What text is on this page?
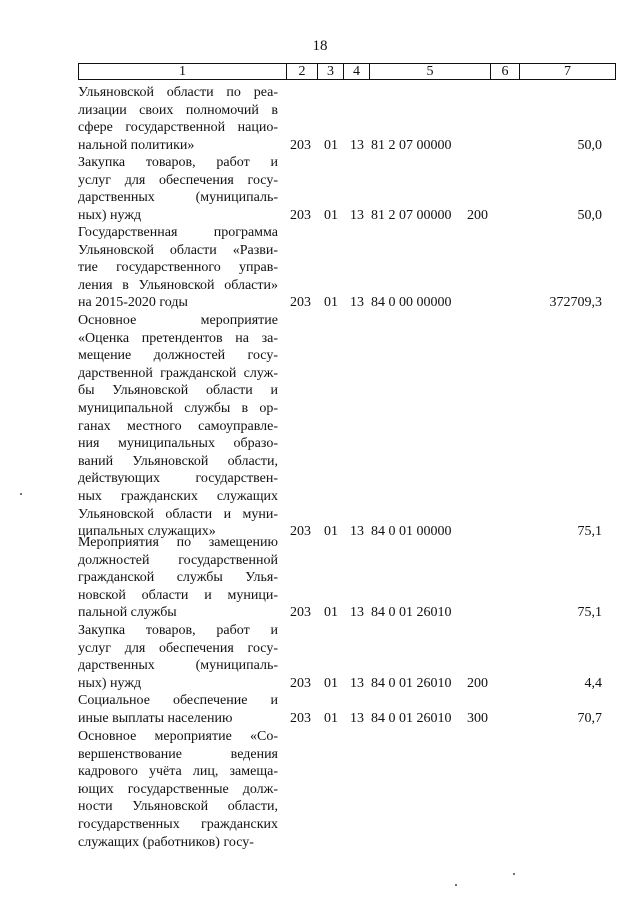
18
1	2	3	4	5	6	7
Ульяновской области по реа-
лизации своих полномочий в
сфере государственной нацио-
нальной политики»	203 01 13 81 2 07 00000	50,0
Закупка товаров, работ и
услуг для обеспечения госу-
дарственных (муниципаль-
ных) нужд	203 01 13 81 2 07 00000 200	50,0
Государственная программа
Ульяновской области «Разви-
тие государственного управ-
ления в Ульяновской области»
на 2015-2020 годы	203 01 13 84 0 00 00000	372709,3
Основное мероприятие
«Оценка претендентов на за-
мещение должностей госу-
дарственной гражданской служ-
бы Ульяновской области и
муниципальной службы в ор-
ганах местного самоуправле-
ния муниципальных образо-
ваний Ульяновской области,
действующих государствен-
ных гражданских служащих
Ульяновской области и муни-
ципальных служащих»	203 01 13 84 0 01 00000	75,1
Мероприятия по замещению
должностей государственной
гражданской службы Улья-
новской области и муници-
пальной службы	203 01 13 84 0 01 26010	75,1
Закупка товаров, работ и
услуг для обеспечения госу-
дарственных (муниципаль-
ных) нужд	203 01 13 84 0 01 26010 200	4,4
Социальное обеспечение и
иные выплаты населению	203 01 13 84 0 01 26010 300	70,7
Основное мероприятие «Со-
вершенствование ведения
кадрового учёта лиц, замеща-
ющих государственные долж-
ности Ульяновской области,
государственных гражданских
служащих (работников) госу-
